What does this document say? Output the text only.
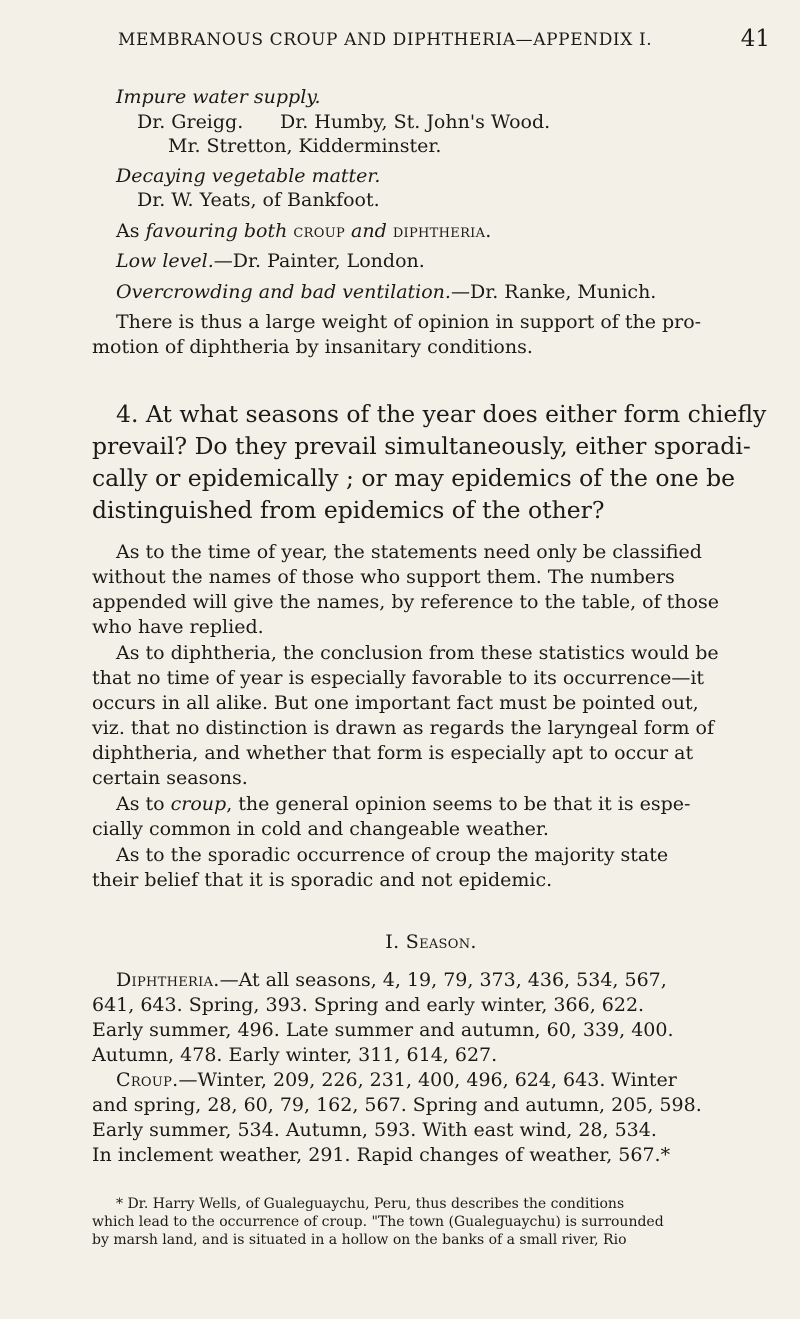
MEMBRANOUS CROUP AND DIPHTHERIA—APPENDIX I.	41
Impure water supply.
Dr. Greigg. Dr. Humby, St. John's Wood.
Mr. Stretton, Kidderminster.
Decaying vegetable matter.
Dr. W. Yeats, of Bankfoot.
As favouring both croup and diphtheria.
Low level.—Dr. Painter, London.
Overcrowding and bad ventilation.—Dr. Ranke, Munich.
There is thus a large weight of opinion in support of the pro-
motion of diphtheria by insanitary conditions.
4. At what seasons of the year does either form chiefly
prevail? Do they prevail simultaneously, either sporadi-
cally or epidemically ; or may epidemics of the one be
distinguished from epidemics of the other?
As to the time of year, the statements need only be classified
without the names of those who support them. The numbers
appended will give the names, by reference to the table, of those
who have replied.
As to diphtheria, the conclusion from these statistics would be
that no time of year is especially favorable to its occurrence—it
occurs in all alike. But one important fact must be pointed out,
viz. that no distinction is drawn as regards the laryngeal form of
diphtheria, and whether that form is especially apt to occur at
certain seasons.
As to croup, the general opinion seems to be that it is espe-
cially common in cold and changeable weather.
As to the sporadic occurrence of croup the majority state
their belief that it is sporadic and not epidemic.
I. Season.
Diphtheria.—At all seasons, 4, 19, 79, 373, 436, 534, 567,
641, 643. Spring, 393. Spring and early winter, 366, 622.
Early summer, 496. Late summer and autumn, 60, 339, 400.
Autumn, 478. Early winter, 311, 614, 627.
Croup.—Winter, 209, 226, 231, 400, 496, 624, 643. Winter
and spring, 28, 60, 79, 162, 567. Spring and autumn, 205, 598.
Early summer, 534. Autumn, 593. With east wind, 28, 534.
In inclement weather, 291. Rapid changes of weather, 567.*
* Dr. Harry Wells, of Gualeguaychu, Peru, thus describes the conditions
which lead to the occurrence of croup. "The town (Gualeguaychu) is surrounded
by marsh land, and is situated in a hollow on the banks of a small river, Rio
